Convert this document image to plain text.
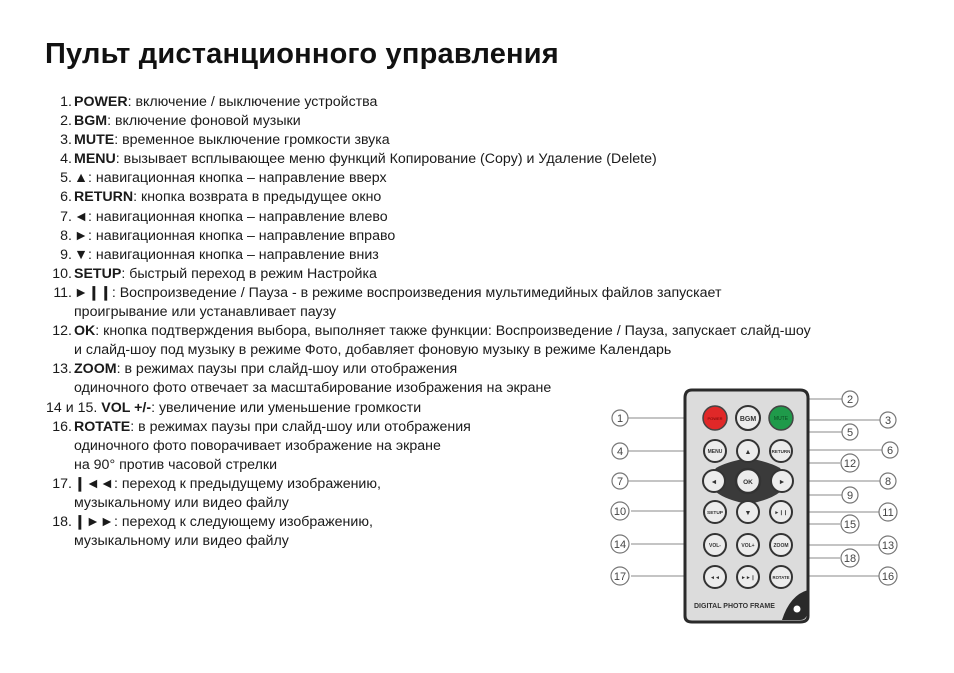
Пульт дистанционного управления
1. POWER: включение / выключение устройства
2. BGM: включение фоновой музыки
3. MUTE: временное выключение громкости звука
4. MENU: вызывает всплывающее меню функций Копирование (Copy) и Удаление (Delete)
5. ▲: навигационная кнопка – направление вверх
6. RETURN: кнопка возврата в предыдущее окно
7. ◄: навигационная кнопка – направление влево
8. ►: навигационная кнопка – направление вправо
9. ▼: навигационная кнопка – направление вниз
10. SETUP: быстрый переход в режим Настройка
11. ►❙❙: Воспроизведение / Пауза - в режиме воспроизведения мультимедийных файлов запускает
проигрывание или устанавливает паузу
12. OK: кнопка подтверждения выбора, выполняет также функции: Воспроизведение / Пауза, запускает слайд-шоу
и слайд-шоу под музыку в режиме Фото, добавляет фоновую музыку в режиме Календарь
13. ZOOM: в режимах паузы при слайд-шоу или отображения
одиночного фото отвечает за масштабирование изображения на экране
14 и 15. VOL +/-: увеличение или уменьшение громкости
16. ROTATE: в режимах паузы при слайд-шоу или отображения
одиночного фото поворачивает изображение на экране
на 90° против часовой стрелки
17. ❙◄◄: переход к предыдущему изображению,
музыкальному или видео файлу
18. ❙►►: переход к следующему изображению,
музыкальному или видео файлу
POWER BGM	MUTE
MENU	▲	RETURN
◄	OK	►
SETUP	▼	►❙❙
VOL-	VOL+	ZOOM
◄◄	►►❙	ROTATE
DIGITAL PHOTO FRAME
1
4
7
10
14
17
2
3
5
6
12
8
9
11
15
13
18
16
